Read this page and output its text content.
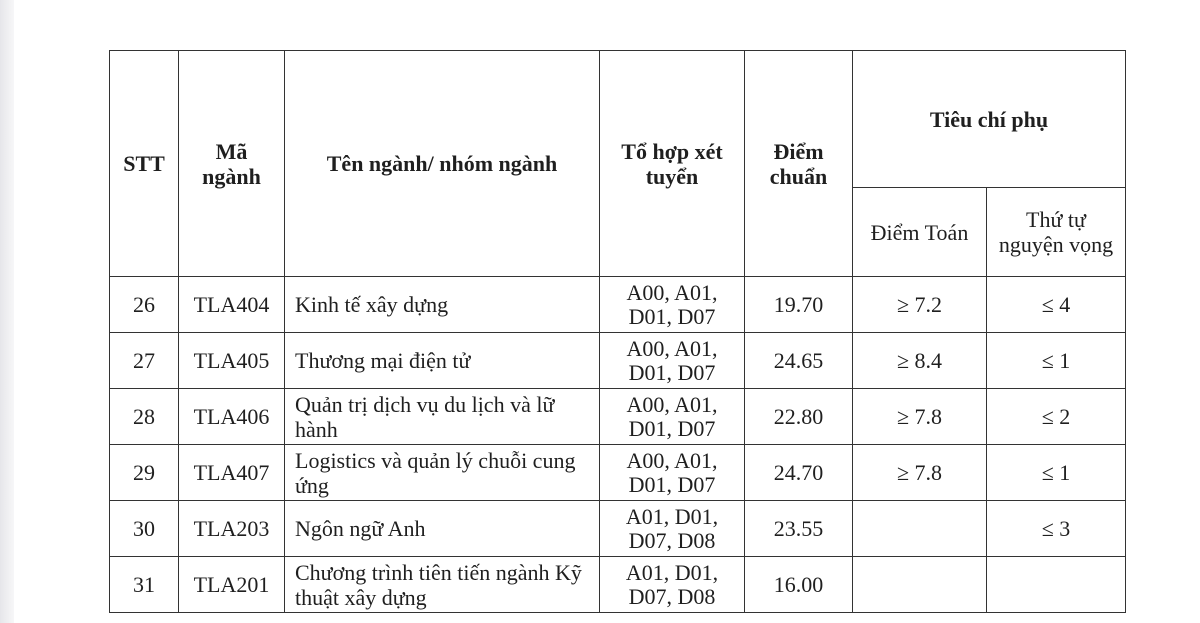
STT	Mã ngành	Tên ngành/ nhóm ngành	Tổ hợp xét tuyển	Điểm chuẩn	Tiêu chí phụ	
					Điểm Toán	Thứ tự nguyện vọng
26	TLA404	Kinh tế xây dựng	A00, A01, D01, D07	19.70	≥ 7.2	≤ 4
27	TLA405	Thương mại điện tử	A00, A01, D01, D07	24.65	≥ 8.4	≤ 1
28	TLA406	Quản trị dịch vụ du lịch và lữ hành	A00, A01, D01, D07	22.80	≥ 7.8	≤ 2
29	TLA407	Logistics và quản lý chuỗi cung ứng	A00, A01, D01, D07	24.70	≥ 7.8	≤ 1
30	TLA203	Ngôn ngữ Anh	A01, D01, D07, D08	23.55		≤ 3
31	TLA201	Chương trình tiên tiến ngành Kỹ thuật xây dựng	A01, D01, D07, D08	16.00		
